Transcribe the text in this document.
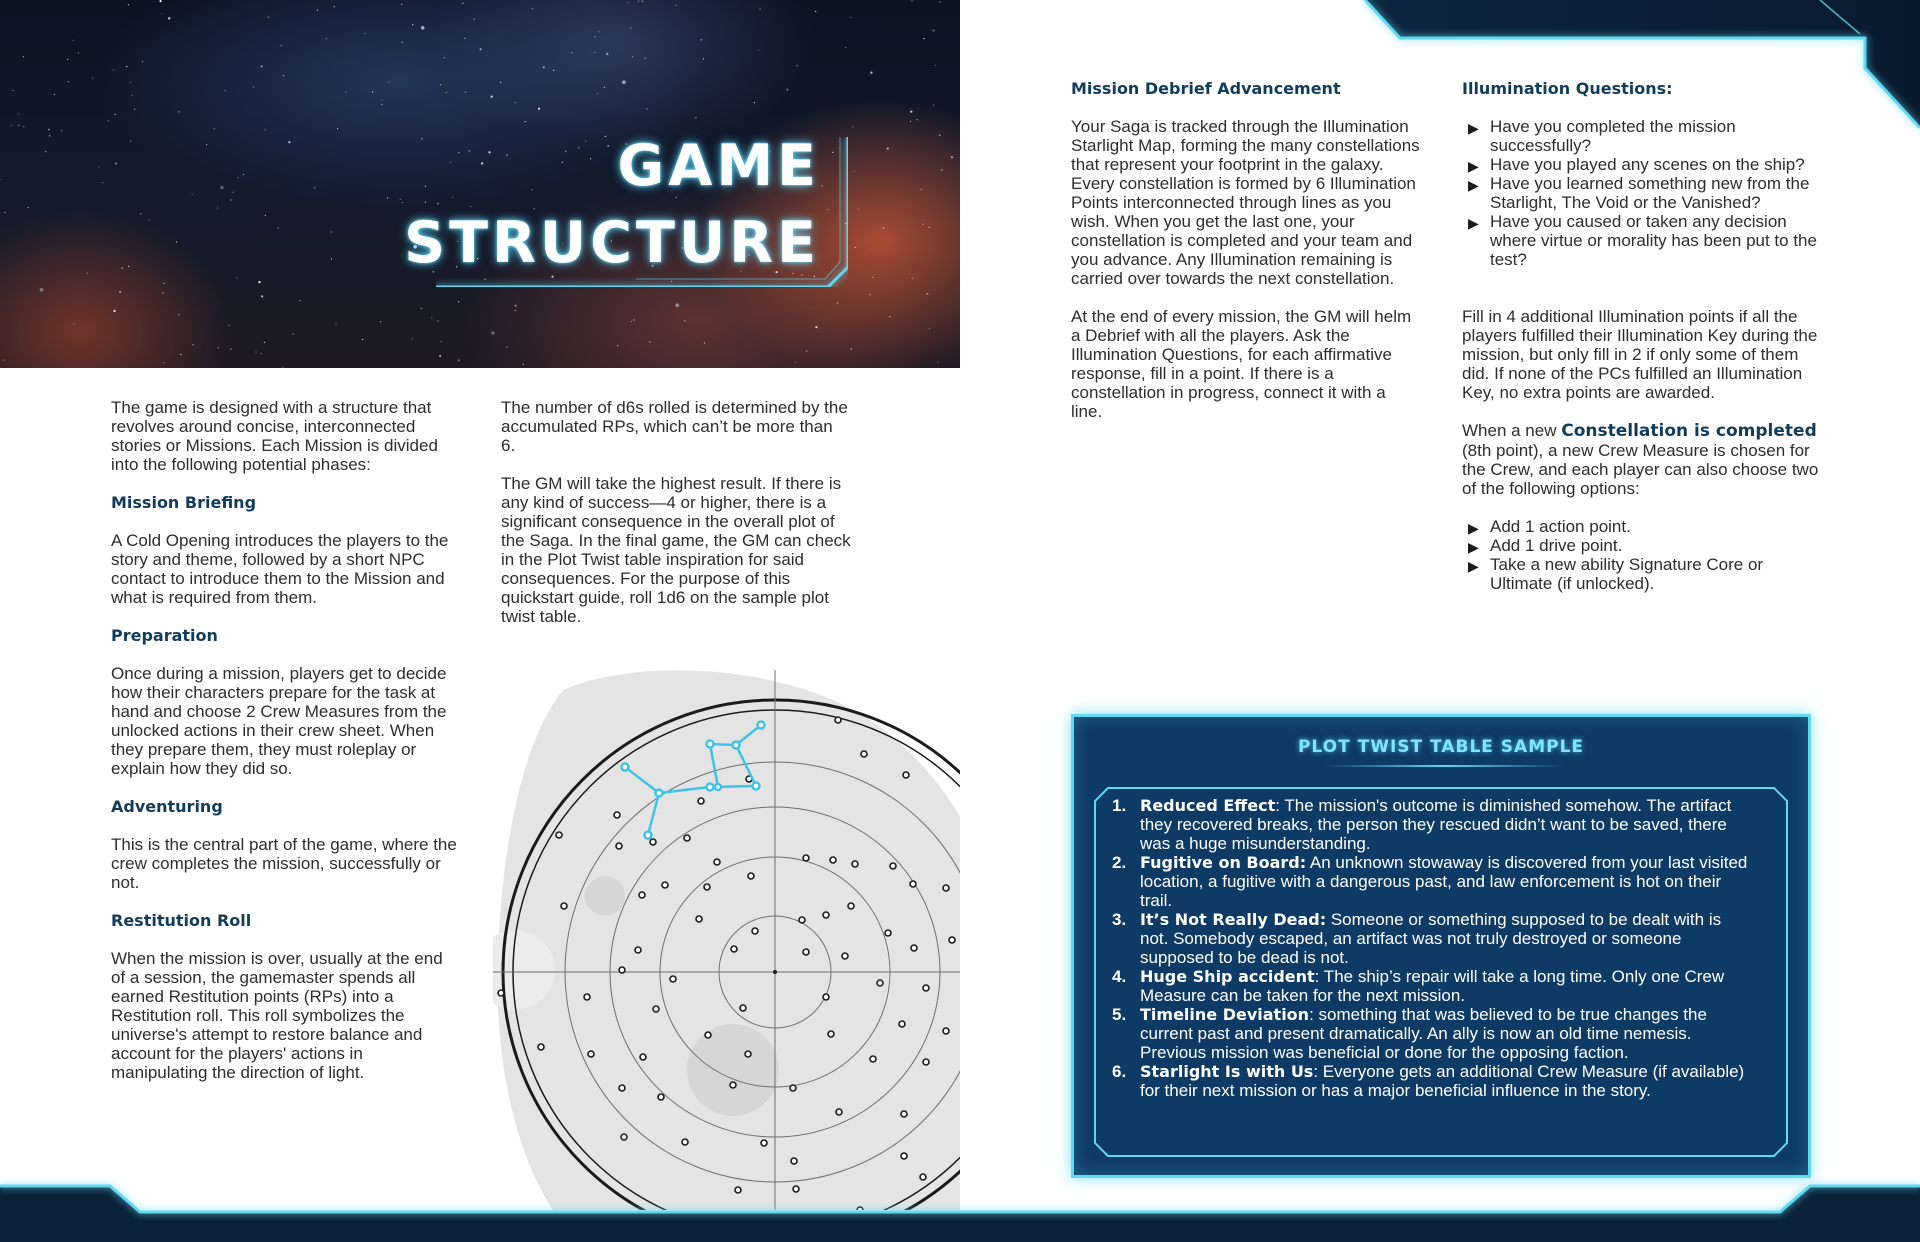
GAME
STRUCTURE

The game is designed with a structure that revolves around concise, interconnected stories or Missions. Each Mission is divided into the following potential phases:

Mission Briefing

A Cold Opening introduces the players to the story and theme, followed by a short NPC contact to introduce them to the Mission and what is required from them.

Preparation

Once during a mission, players get to decide how their characters prepare for the task at hand and choose 2 Crew Measures from the unlocked actions in their crew sheet. When they prepare them, they must roleplay or explain how they did so.

Adventuring

This is the central part of the game, where the crew completes the mission, successfully or not.

Restitution Roll

When the mission is over, usually at the end of a session, the gamemaster spends all earned Restitution points (RPs) into a Restitution roll. This roll symbolizes the universe's attempt to restore balance and account for the players' actions in manipulating the direction of light.

The number of d6s rolled is determined by the accumulated RPs, which can’t be more than 6.

The GM will take the highest result. If there is any kind of success—4 or higher, there is a significant consequence in the overall plot of the Saga. In the final game, the GM can check in the Plot Twist table inspiration for said consequences. For the purpose of this quickstart guide, roll 1d6 on the sample plot twist table.

Mission Debrief Advancement

Your Saga is tracked through the Illumination Starlight Map, forming the many constellations that represent your footprint in the galaxy. Every constellation is formed by 6 Illumination Points interconnected through lines as you wish. When you get the last one, your constellation is completed and your team and you advance. Any Illumination remaining is carried over towards the next constellation.

At the end of every mission, the GM will helm a Debrief with all the players. Ask the Illumination Questions, for each affirmative response, fill in a point. If there is a constellation in progress, connect it with a line.

Illumination Questions:
▶ Have you completed the mission successfully?
▶ Have you played any scenes on the ship?
▶ Have you learned something new from the Starlight, The Void or the Vanished?
▶ Have you caused or taken any decision where virtue or morality has been put to the test?

Fill in 4 additional Illumination points if all the players fulfilled their Illumination Key during the mission, but only fill in 2 if only some of them did. If none of the PCs fulfilled an Illumination Key, no extra points are awarded.

When a new Constellation is completed (8th point), a new Crew Measure is chosen for the Crew, and each player can also choose two of the following options:

▶ Add 1 action point.
▶ Add 1 drive point.
▶ Take a new ability Signature Core or Ultimate (if unlocked).
PLOT TWIST TABLE SAMPLE
1. Reduced Effect: The mission's outcome is diminished somehow. The artifact they recovered breaks, the person they rescued didn’t want to be saved, there was a huge misunderstanding.
2. Fugitive on Board: An unknown stowaway is discovered from your last visited location, a fugitive with a dangerous past, and law enforcement is hot on their trail.
3. It’s Not Really Dead: Someone or something supposed to be dealt with is not. Somebody escaped, an artifact was not truly destroyed or someone supposed to be dead is not.
4. Huge Ship accident: The ship’s repair will take a long time. Only one Crew Measure can be taken for the next mission.
5. Timeline Deviation: something that was believed to be true changes the current past and present dramatically. An ally is now an old time nemesis. Previous mission was beneficial or done for the opposing faction.
6. Starlight Is with Us: Everyone gets an additional Crew Measure (if available) for their next mission or has a major beneficial influence in the story.
